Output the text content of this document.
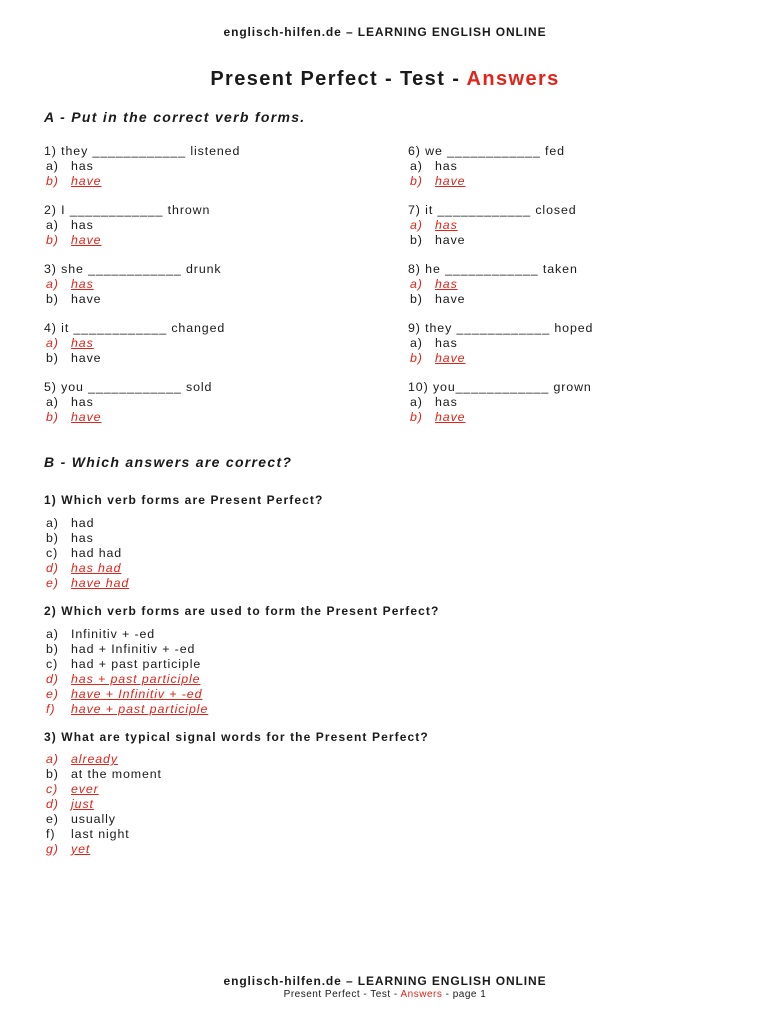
englisch-hilfen.de – LEARNING ENGLISH ONLINE
Present Perfect - Test - Answers
A - Put in the correct verb forms.
1) they ____________ listened
a) has
b) have
2) I ____________ thrown
a) has
b) have
3) she ____________ drunk
a) has
b) have
4) it ____________ changed
a) has
b) have
5) you ____________ sold
a) has
b) have
6) we ____________ fed
a) has
b) have
7) it ____________ closed
a) has
b) have
8) he ____________ taken
a) has
b) have
9) they ____________ hoped
a) has
b) have
10) you____________ grown
a) has
b) have
B - Which answers are correct?
1) Which verb forms are Present Perfect?
a) had
b) has
c) had had
d) has had
e) have had
2) Which verb forms are used to form the Present Perfect?
a) Infinitiv + -ed
b) had + Infinitiv + -ed
c) had + past participle
d) has + past participle
e) have + Infinitiv + -ed
f) have + past participle
3) What are typical signal words for the Present Perfect?
a) already
b) at the moment
c) ever
d) just
e) usually
f) last night
g) yet
englisch-hilfen.de – LEARNING ENGLISH ONLINE
Present Perfect - Test - Answers - page 1
